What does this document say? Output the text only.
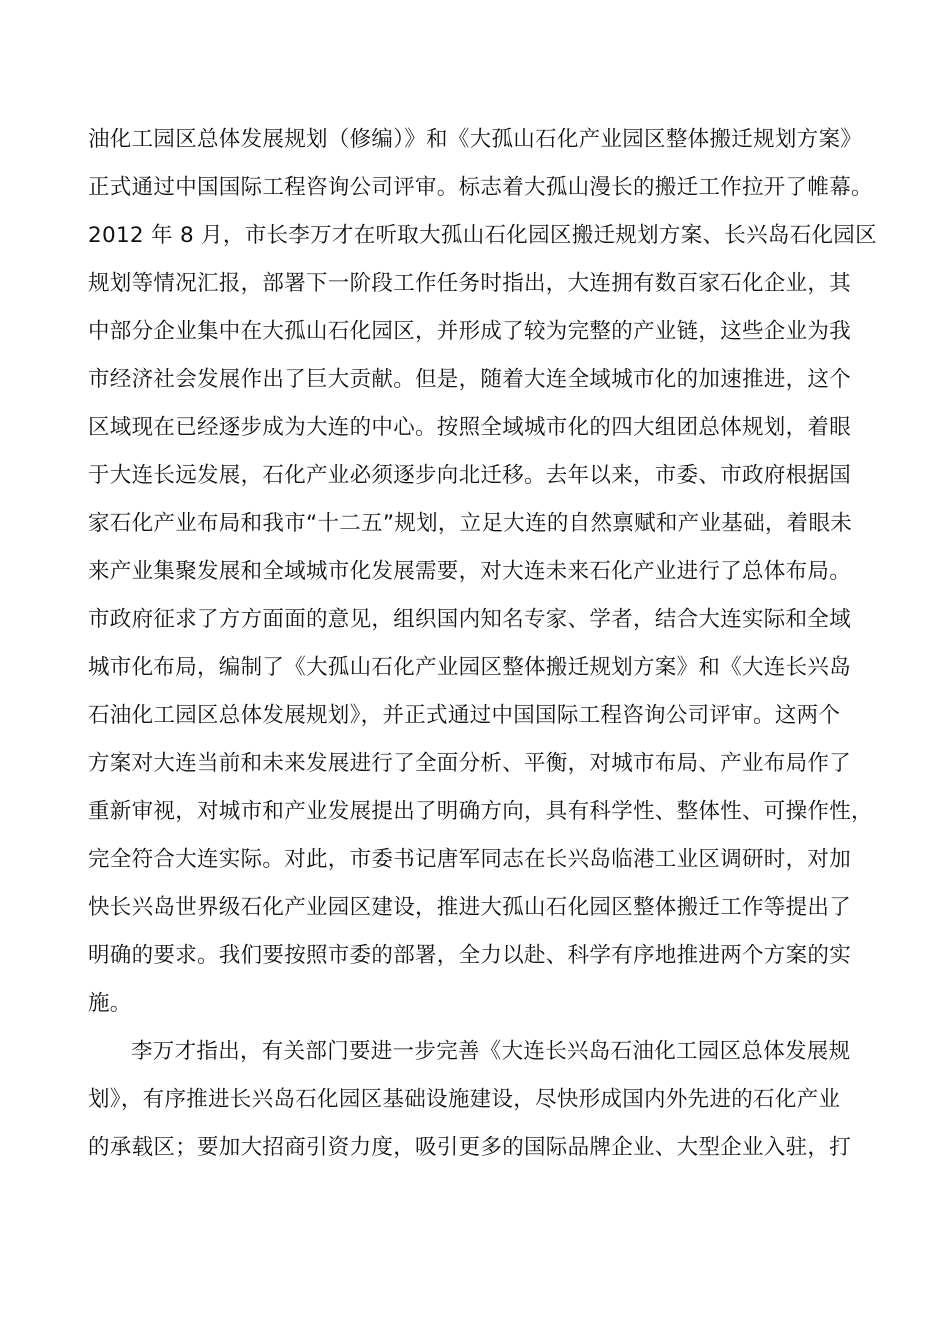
油化工园区总体发展规划（修编）》和《大孤山石化产业园区整体搬迁规划方案》
正式通过中国国际工程咨询公司评审。标志着大孤山漫长的搬迁工作拉开了帷幕。
2012 年 8 月，市长李万才在听取大孤山石化园区搬迁规划方案、长兴岛石化园区
规划等情况汇报，部署下一阶段工作任务时指出，大连拥有数百家石化企业，其
中部分企业集中在大孤山石化园区，并形成了较为完整的产业链，这些企业为我
市经济社会发展作出了巨大贡献。但是，随着大连全域城市化的加速推进，这个
区域现在已经逐步成为大连的中心。按照全域城市化的四大组团总体规划，着眼
于大连长远发展，石化产业必须逐步向北迁移。去年以来，市委、市政府根据国
家石化产业布局和我市“十二五”规划，立足大连的自然禀赋和产业基础，着眼未
来产业集聚发展和全域城市化发展需要，对大连未来石化产业进行了总体布局。
市政府征求了方方面面的意见，组织国内知名专家、学者，结合大连实际和全域
城市化布局，编制了《大孤山石化产业园区整体搬迁规划方案》和《大连长兴岛
石油化工园区总体发展规划》，并正式通过中国国际工程咨询公司评审。这两个
方案对大连当前和未来发展进行了全面分析、平衡，对城市布局、产业布局作了
重新审视，对城市和产业发展提出了明确方向，具有科学性、整体性、可操作性，
完全符合大连实际。对此，市委书记唐军同志在长兴岛临港工业区调研时，对加
快长兴岛世界级石化产业园区建设，推进大孤山石化园区整体搬迁工作等提出了
明确的要求。我们要按照市委的部署，全力以赴、科学有序地推进两个方案的实
施。
李万才指出，有关部门要进一步完善《大连长兴岛石油化工园区总体发展规
划》，有序推进长兴岛石化园区基础设施建设，尽快形成国内外先进的石化产业
的承载区；要加大招商引资力度，吸引更多的国际品牌企业、大型企业入驻，打
